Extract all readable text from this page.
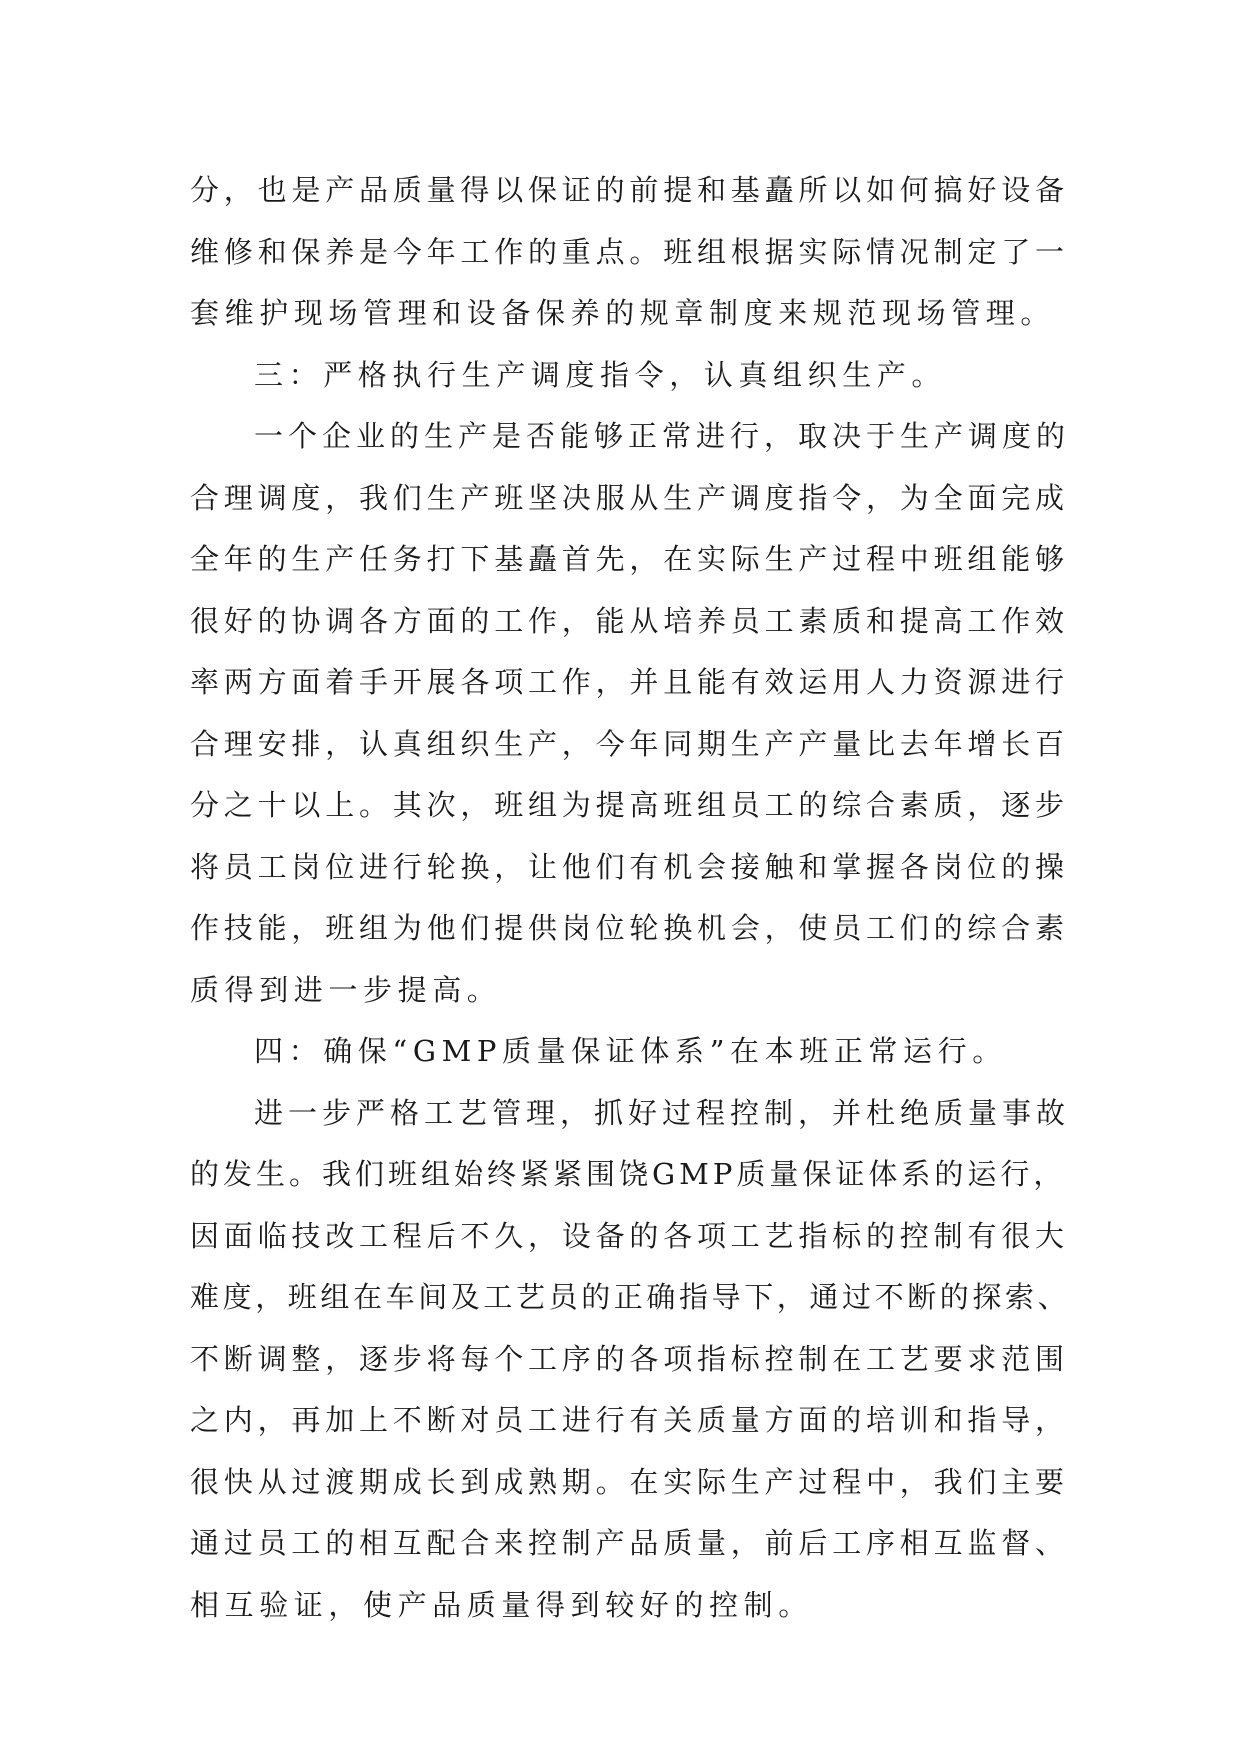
分，也是产品质量得以保证的前提和基矗所以如何搞好设备
维修和保养是今年工作的重点。班组根据实际情况制定了一
套维护现场管理和设备保养的规章制度来规范现场管理。
三：严格执行生产调度指令，认真组织生产。
一个企业的生产是否能够正常进行，取决于生产调度的
合理调度，我们生产班坚决服从生产调度指令，为全面完成
全年的生产任务打下基矗首先，在实际生产过程中班组能够
很好的协调各方面的工作，能从培养员工素质和提高工作效
率两方面着手开展各项工作，并且能有效运用人力资源进行
合理安排，认真组织生产，今年同期生产产量比去年增长百
分之十以上。其次，班组为提高班组员工的综合素质，逐步
将员工岗位进行轮换，让他们有机会接触和掌握各岗位的操
作技能，班组为他们提供岗位轮换机会，使员工们的综合素
质得到进一步提高。
四：确保“GMP质量保证体系”在本班正常运行。
进一步严格工艺管理，抓好过程控制，并杜绝质量事故
的发生。我们班组始终紧紧围饶GMP质量保证体系的运行，
因面临技改工程后不久，设备的各项工艺指标的控制有很大
难度，班组在车间及工艺员的正确指导下，通过不断的探索、
不断调整，逐步将每个工序的各项指标控制在工艺要求范围
之内，再加上不断对员工进行有关质量方面的培训和指导，
很快从过渡期成长到成熟期。在实际生产过程中，我们主要
通过员工的相互配合来控制产品质量，前后工序相互监督、
相互验证，使产品质量得到较好的控制。
